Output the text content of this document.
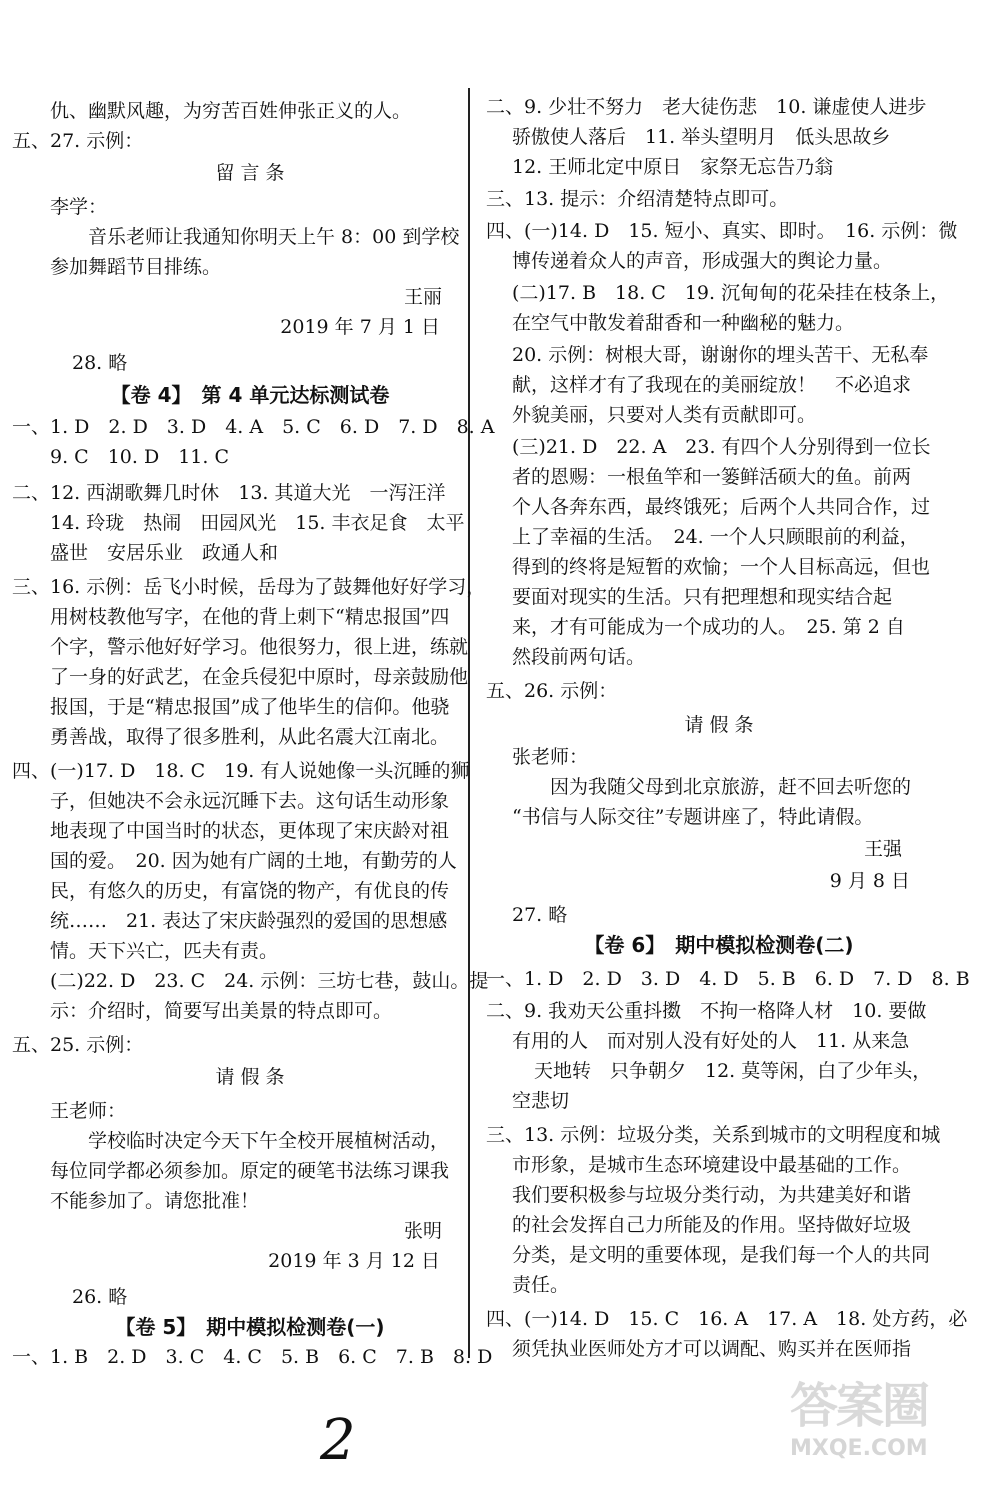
仇、幽默风趣，为穷苦百姓伸张正义的人。
五、27. 示例：
留 言 条
李学：
音乐老师让我通知你明天上午 8：00 到学校
参加舞蹈节目排练。
王丽
2019 年 7 月 1 日
28. 略
【卷 4】　第 4 单元达标测试卷
一、1. D　2. D　3. D　4. A　5. C　6. D　7. D　8. A
9. C　10. D　11. C
二、12. 西湖歌舞几时休　13. 其道大光　一泻汪洋
14. 玲珑　热闹　田园风光　15. 丰衣足食　太平
盛世　安居乐业　政通人和
三、16. 示例：岳飞小时候，岳母为了鼓舞他好好学习，
用树枝教他写字，在他的背上刺下“精忠报国”四
个字，警示他好好学习。他很努力，很上进，练就
了一身的好武艺，在金兵侵犯中原时，母亲鼓励他
报国，于是“精忠报国”成了他毕生的信仰。他骁
勇善战，取得了很多胜利，从此名震大江南北。
四、(一)17. D　18. C　19. 有人说她像一头沉睡的狮
子，但她决不会永远沉睡下去。这句话生动形象
地表现了中国当时的状态，更体现了宋庆龄对祖
国的爱。　20. 因为她有广阔的土地，有勤劳的人
民，有悠久的历史，有富饶的物产，有优良的传
统……　21. 表达了宋庆龄强烈的爱国的思想感
情。天下兴亡，匹夫有责。
(二)22. D　23. C　24. 示例：三坊七巷，鼓山。提
示：介绍时，简要写出美景的特点即可。
五、25. 示例：
请 假 条
王老师：
学校临时决定今天下午全校开展植树活动，
每位同学都必须参加。原定的硬笔书法练习课我
不能参加了。请您批准！
张明
2019 年 3 月 12 日
26. 略
【卷 5】　期中模拟检测卷(一)
一、1. B　2. D　3. C　4. C　5. B　6. C　7. B　8. D
二、9. 少壮不努力　老大徒伤悲　10. 谦虚使人进步
骄傲使人落后　11. 举头望明月　低头思故乡
12. 王师北定中原日　家祭无忘告乃翁
三、13. 提示：介绍清楚特点即可。
四、(一)14. D　15. 短小、真实、即时。　16. 示例：微
博传递着众人的声音，形成强大的舆论力量。
(二)17. B　18. C　19. 沉甸甸的花朵挂在枝条上，
在空气中散发着甜香和一种幽秘的魅力。
20. 示例：树根大哥，谢谢你的埋头苦干、无私奉
献，这样才有了我现在的美丽绽放！　不必追求
外貌美丽，只要对人类有贡献即可。
(三)21. D　22. A　23. 有四个人分别得到一位长
者的恩赐：一根鱼竿和一篓鲜活硕大的鱼。前两
个人各奔东西，最终饿死；后两个人共同合作，过
上了幸福的生活。　24. 一个人只顾眼前的利益，
得到的终将是短暂的欢愉；一个人目标高远，但也
要面对现实的生活。只有把理想和现实结合起
来，才有可能成为一个成功的人。　25. 第 2 自
然段前两句话。
五、26. 示例：
请 假 条
张老师：
因为我随父母到北京旅游，赶不回去听您的
“书信与人际交往”专题讲座了，特此请假。
王强
9 月 8 日
27. 略
【卷 6】　期中模拟检测卷(二)
一、1. D　2. D　3. D　4. D　5. B　6. D　7. D　8. B
二、9. 我劝天公重抖擞　不拘一格降人材　10. 要做
有用的人　而对别人没有好处的人　11. 从来急
天地转　只争朝夕　12. 莫等闲，白了少年头，
空悲切
三、13. 示例：垃圾分类，关系到城市的文明程度和城
市形象，是城市生态环境建设中最基础的工作。
我们要积极参与垃圾分类行动，为共建美好和谐
的社会发挥自己力所能及的作用。坚持做好垃圾
分类，是文明的重要体现，是我们每一个人的共同
责任。
四、(一)14. D　15. C　16. A　17. A　18. 处方药，必
须凭执业医师处方才可以调配、购买并在医师指
2
答案圈
MXQE.COM
